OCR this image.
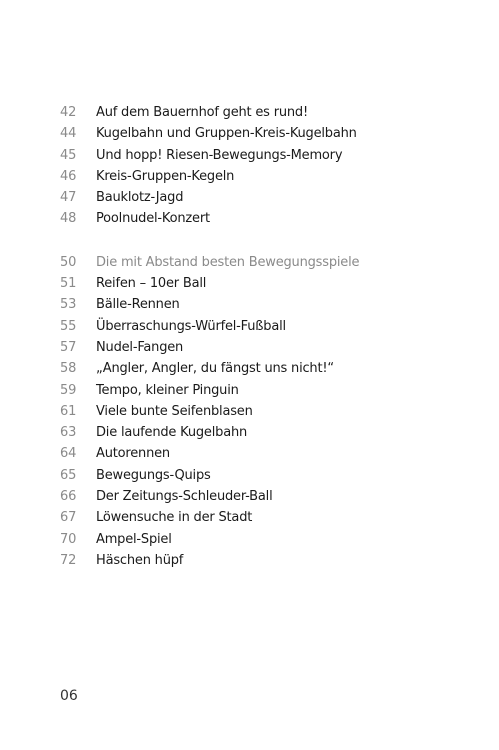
42	Auf dem Bauernhof geht es rund!
44	Kugelbahn und Gruppen-Kreis-Kugelbahn
45	Und hopp! Riesen-Bewegungs-Memory
46	Kreis-Gruppen-Kegeln
47	Bauklotz-Jagd
48	Poolnudel-Konzert
50	Die mit Abstand besten Bewegungsspiele
51	Reifen – 10er Ball
53	Bälle-Rennen
55	Überraschungs-Würfel-Fußball
57	Nudel-Fangen
58	„Angler, Angler, du fängst uns nicht!“
59	Tempo, kleiner Pinguin
61	Viele bunte Seifenblasen
63	Die laufende Kugelbahn
64	Autorennen
65	Bewegungs-Quips
66	Der Zeitungs-Schleuder-Ball
67	Löwensuche in der Stadt
70	Ampel-Spiel
72	Häschen hüpf
06
